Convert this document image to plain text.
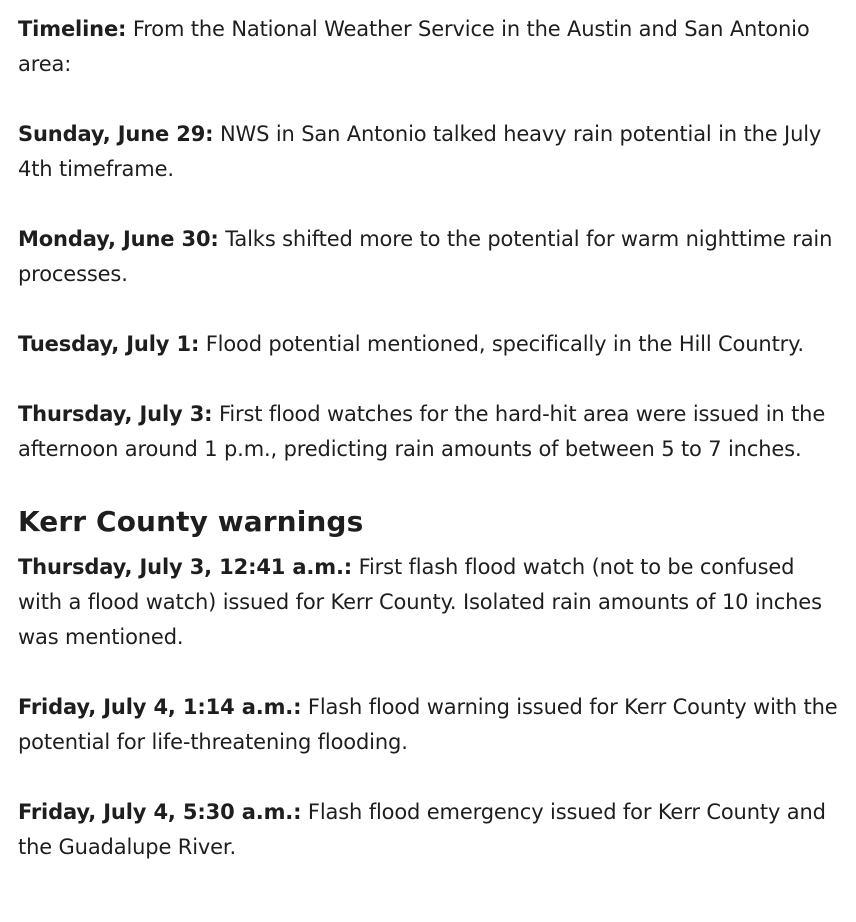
Timeline: From the National Weather Service in the Austin and San Antonio area:

Sunday, June 29: NWS in San Antonio talked heavy rain potential in the July 4th timeframe.

Monday, June 30: Talks shifted more to the potential for warm nighttime rain processes.

Tuesday, July 1: Flood potential mentioned, specifically in the Hill Country.

Thursday, July 3: First flood watches for the hard-hit area were issued in the afternoon around 1 p.m., predicting rain amounts of between 5 to 7 inches.

Kerr County warnings

Thursday, July 3, 12:41 a.m.: First flash flood watch (not to be confused with a flood watch) issued for Kerr County. Isolated rain amounts of 10 inches was mentioned.

Friday, July 4, 1:14 a.m.: Flash flood warning issued for Kerr County with the potential for life-threatening flooding.

Friday, July 4, 5:30 a.m.: Flash flood emergency issued for Kerr County and the Guadalupe River.
